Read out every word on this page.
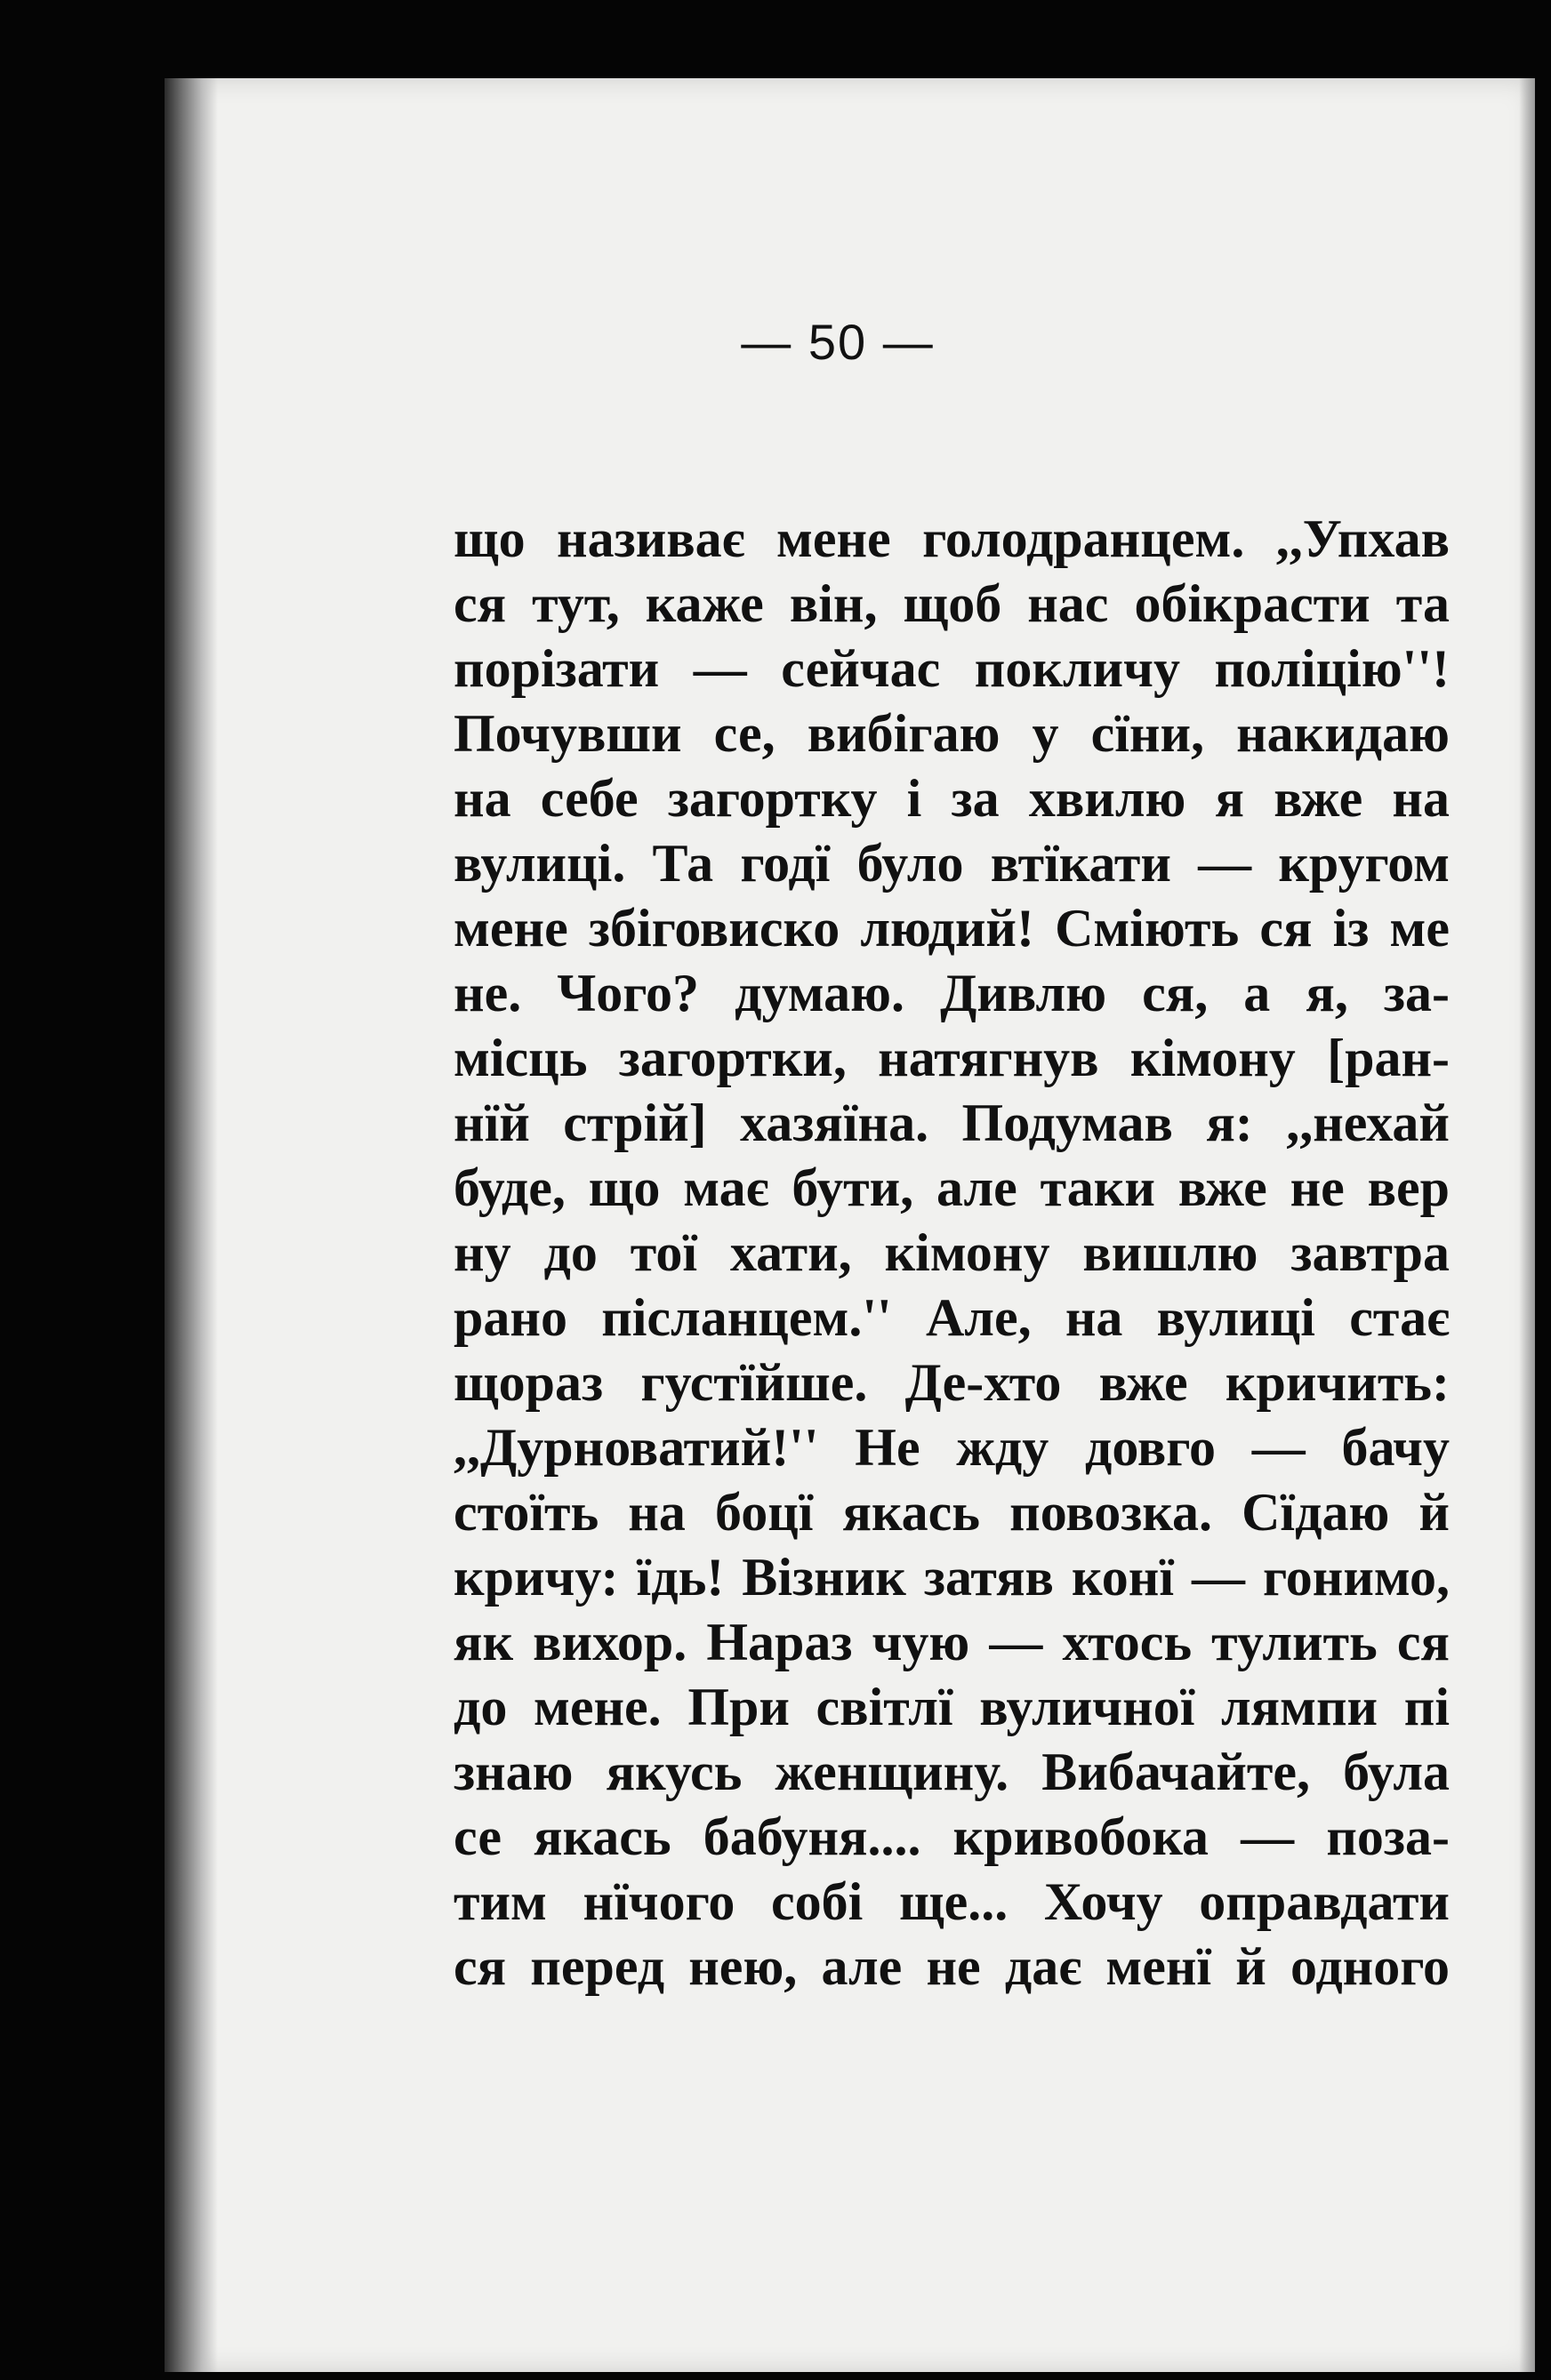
— 50 —
що називає мене голодранцем. ,,Упхав
ся тут, каже він, щоб нас обікрасти та
порізати — сейчас покличу поліцію''!
Почувши се, вибігаю у сїни, накидаю
на себе загортку і за хвилю я вже на
вулиці. Та годї було втїкати — кругом
мене збіговиско людий! Сміють ся із ме
не. Чого? думаю. Дивлю ся, а я, за-
місць загортки, натягнув кімону [ран-
нїй стрій] хазяїна. Подумав я: ,,нехай
буде, що має бути, але таки вже не вер
ну до тої хати, кімону вишлю завтра
рано післанцем.'' Але, на вулиці стає
щораз густїйше. Де-хто вже кричить:
,,Дурноватий!'' Не жду довго — бачу
стоїть на боцї якась повозка. Сїдаю й
кричу: їдь! Візник затяв конї — гонимо,
як вихор. Нараз чую — хтось тулить ся
до мене. При світлї вуличної лямпи пі
знаю якусь женщину. Вибачайте, була
се якась бабуня.... кривобока — поза-
тим нїчого собі ще... Хочу оправдати
ся перед нею, але не дає менї й одного
